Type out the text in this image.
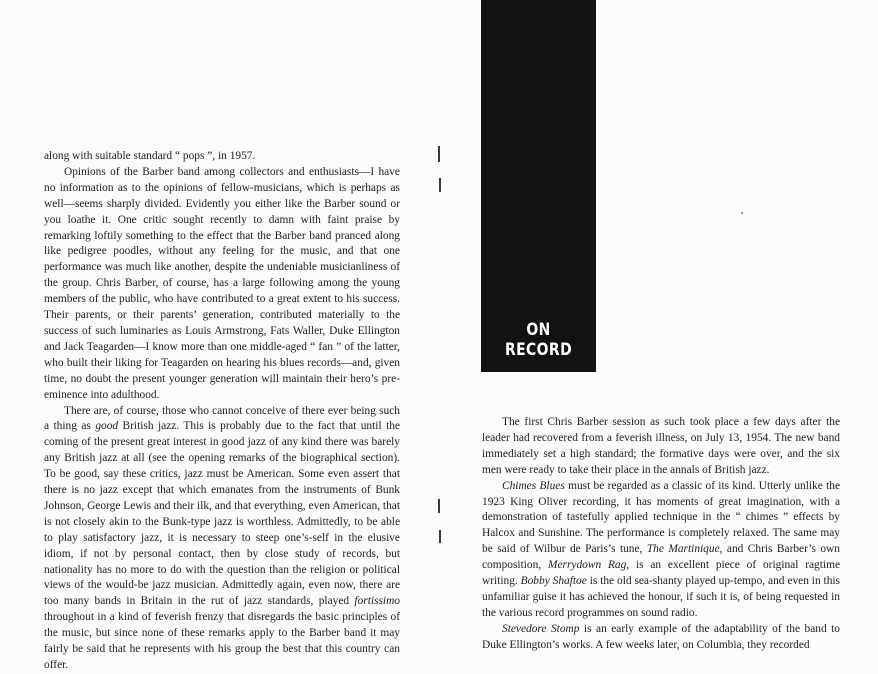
along with suitable standard “ pops ”, in 1957.

Opinions of the Barber band among collectors and enthusiasts—I have no information as to the opinions of fellow-musicians, which is perhaps as well—seems sharply divided. Evidently you either like the Barber sound or you loathe it. One critic sought recently to damn with faint praise by remarking loftily something to the effect that the Barber band pranced along like pedigree poodles, without any feeling for the music, and that one performance was much like another, despite the undeniable musicianliness of the group. Chris Barber, of course, has a large following among the young members of the public, who have contributed to a great extent to his success. Their parents, or their parents’ generation, contributed materially to the success of such luminaries as Louis Armstrong, Fats Waller, Duke Ellington and Jack Teagarden—I know more than one middle-aged “ fan ” of the latter, who built their liking for Teagarden on hearing his blues records—and, given time, no doubt the present younger generation will maintain their hero’s pre-eminence into adulthood.

There are, of course, those who cannot conceive of there ever being such a thing as good British jazz. This is probably due to the fact that until the coming of the present great interest in good jazz of any kind there was barely any British jazz at all (see the opening remarks of the biographical section). To be good, say these critics, jazz must be American. Some even assert that there is no jazz except that which emanates from the instruments of Bunk Johnson, George Lewis and their ilk, and that everything, even American, that is not closely akin to the Bunk-type jazz is worthless. Admittedly, to be able to play satisfactory jazz, it is necessary to steep one’s-self in the elusive idiom, if not by personal contact, then by close study of records, but nationality has no more to do with the question than the religion or political views of the would-be jazz musician. Admittedly again, even now, there are too many bands in Britain in the rut of jazz standards, played fortissimo throughout in a kind of feverish frenzy that disregards the basic principles of the music, but since none of these remarks apply to the Barber band it may fairly be said that he represents with his group the best that this country can offer.

ON RECORD

The first Chris Barber session as such took place a few days after the leader had recovered from a feverish illness, on July 13, 1954. The new band immediately set a high standard; the formative days were over, and the six men were ready to take their place in the annals of British jazz.

Chimes Blues must be regarded as a classic of its kind. Utterly unlike the 1923 King Oliver recording, it has moments of great imagination, with a demonstration of tastefully applied technique in the “ chimes ” effects by Halcox and Sunshine. The performance is completely relaxed. The same may be said of Wilbur de Paris’s tune, The Martinique, and Chris Barber’s own composition, Merrydown Rag, is an excellent piece of original ragtime writing. Bobby Shaftoe is the old sea-shanty played up-tempo, and even in this unfamiliar guise it has achieved the honour, if such it is, of being requested in the various record programmes on sound radio.

Stevedore Stomp is an early example of the adaptability of the band to Duke Ellington’s works. A few weeks later, on Columbia, they recorded
